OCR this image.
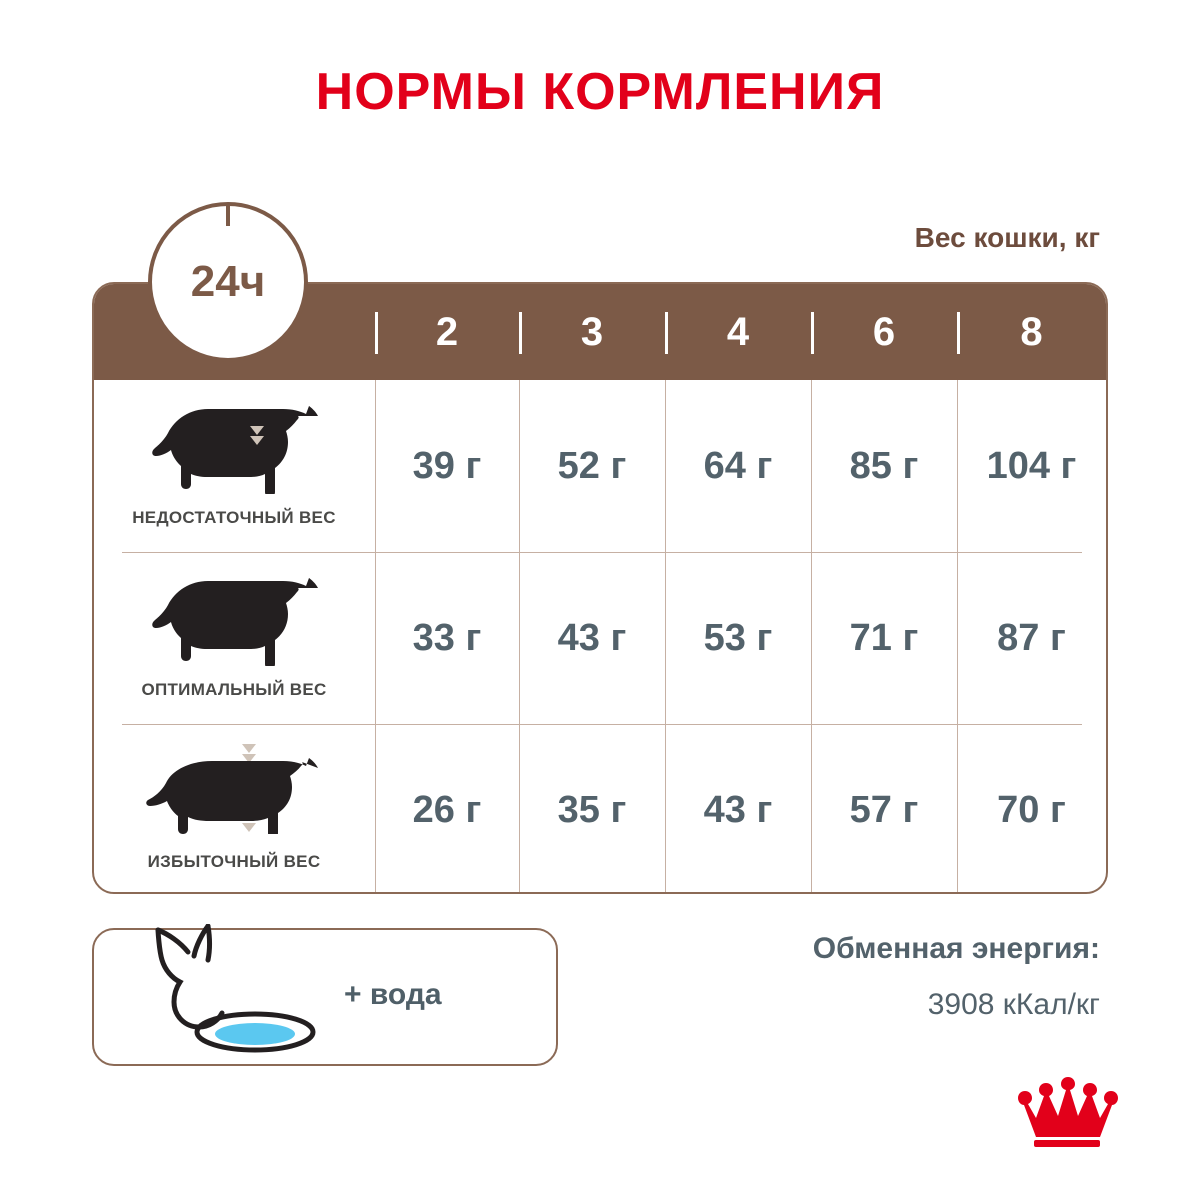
НОРМЫ КОРМЛЕНИЯ
Вес кошки, кг
2	3	4	6	8
НЕДОСТАТОЧНЫЙ ВЕС
39 г	52 г	64 г	85 г	104 г
ОПТИМАЛЬНЫЙ ВЕС
33 г	43 г	53 г	71 г	87 г
ИЗБЫТОЧНЫЙ ВЕС
26 г	35 г	43 г	57 г	70 г
24ч
+ вода
Обменная энергия:
3908 кКал/кг
